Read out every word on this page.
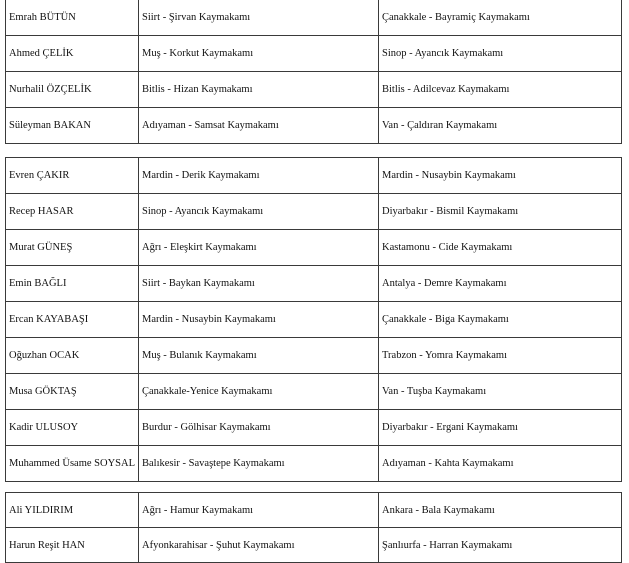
Emrah BÜTÜN	Siirt - Şirvan Kaymakamı	Çanakkale - Bayramiç Kaymakamı
Ahmed ÇELİK	Muş - Korkut Kaymakamı	Sinop - Ayancık Kaymakamı
Nurhalil ÖZÇELİK	Bitlis - Hizan Kaymakamı	Bitlis - Adilcevaz Kaymakamı
Süleyman BAKAN	Adıyaman - Samsat Kaymakamı	Van - Çaldıran Kaymakamı
Evren ÇAKIR	Mardin - Derik Kaymakamı	Mardin - Nusaybin Kaymakamı
Recep HASAR	Sinop - Ayancık Kaymakamı	Diyarbakır - Bismil Kaymakamı
Murat GÜNEŞ	Ağrı - Eleşkirt Kaymakamı	Kastamonu - Cide Kaymakamı
Emin BAĞLI	Siirt - Baykan Kaymakamı	Antalya - Demre Kaymakamı
Ercan KAYABAŞI	Mardin - Nusaybin Kaymakamı	Çanakkale - Biga Kaymakamı
Oğuzhan OCAK	Muş - Bulanık Kaymakamı	Trabzon - Yomra Kaymakamı
Musa GÖKTAŞ	Çanakkale-Yenice Kaymakamı	Van - Tuşba Kaymakamı
Kadir ULUSOY	Burdur - Gölhisar Kaymakamı	Diyarbakır - Ergani Kaymakamı
Muhammed Üsame SOYSAL	Balıkesir - Savaştepe Kaymakamı	Adıyaman - Kahta Kaymakamı
Ali YILDIRIM	Ağrı - Hamur Kaymakamı	Ankara - Bala Kaymakamı
Harun Reşit HAN	Afyonkarahisar - Şuhut Kaymakamı	Şanlıurfa - Harran Kaymakamı
